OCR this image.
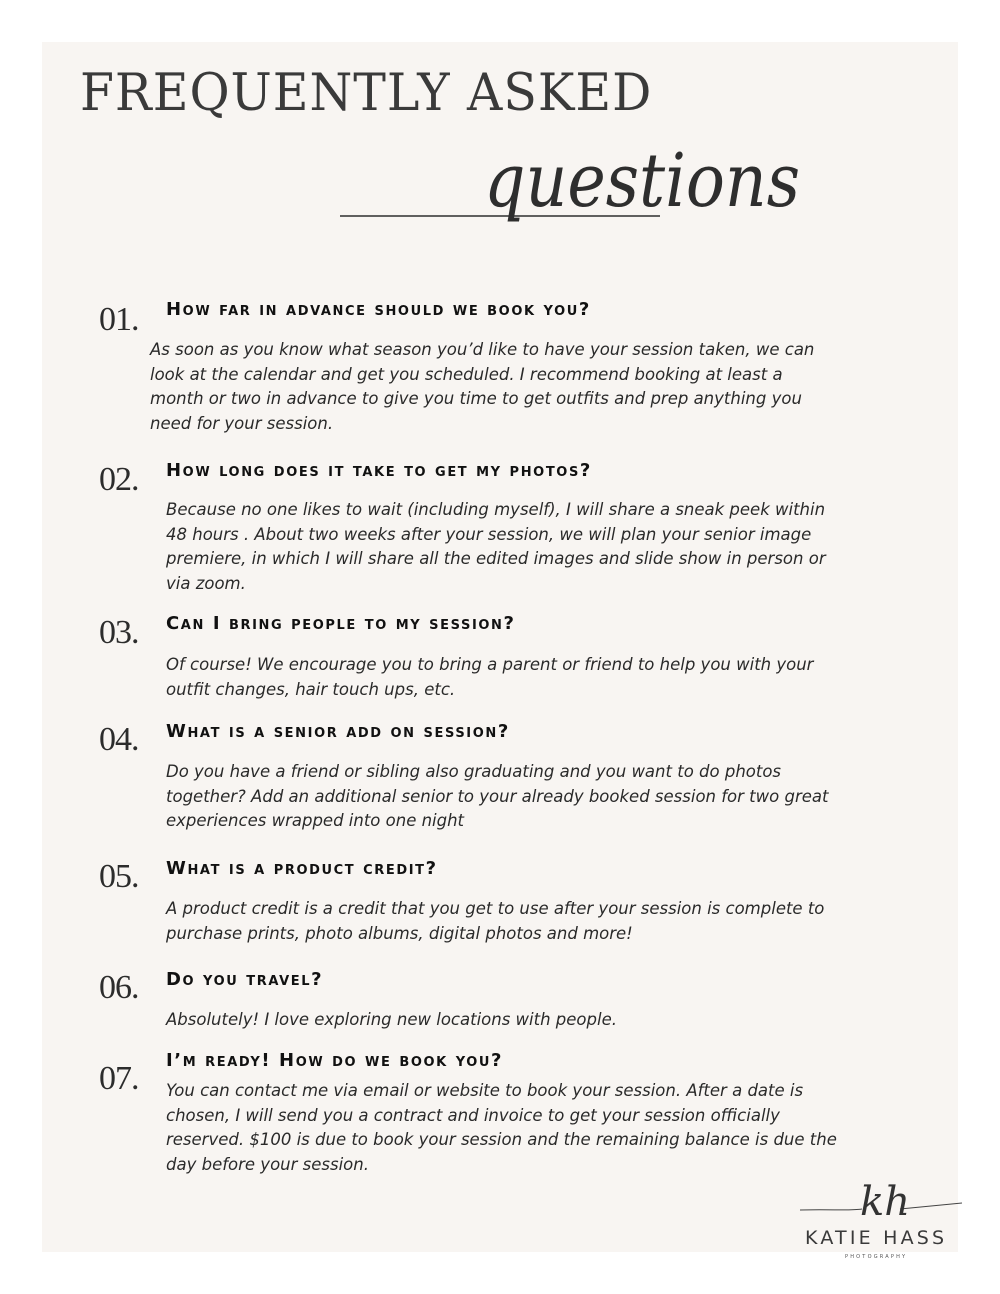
FREQUENTLY ASKED
questions
01. How far in advance should we book you?

As soon as you know what season you’d like to have your session taken, we can
look at the calendar and get you scheduled. I recommend booking at least a
month or two in advance to give you time to get outfits and prep anything you
need for your session.

02. How long does it take to get my photos?

Because no one likes to wait (including myself), I will share a sneak peek within
48 hours . About two weeks after your session, we will plan your senior image
premiere, in which I will share all the edited images and slide show in person or
via zoom.

03. Can I bring people to my session?

Of course! We encourage you to bring a parent or friend to help you with your
outfit changes, hair touch ups, etc.

04. What is a senior add on session?

Do you have a friend or sibling also graduating and you want to do photos
together? Add an additional senior to your already booked session for two great
experiences wrapped into one night

05. What is a product credit?

A product credit is a credit that you get to use after your session is complete to
purchase prints, photo albums, digital photos and more!

06. Do you travel?

Absolutely! I love exploring new locations with people.

07. I’m ready! How do we book you?

You can contact me via email or website to book your session. After a date is
chosen, I will send you a contract and invoice to get your session officially
reserved. $100 is due to book your session and the remaining balance is due the
day before your session.

kh
KATIE HASS
PHOTOGRAPHY
